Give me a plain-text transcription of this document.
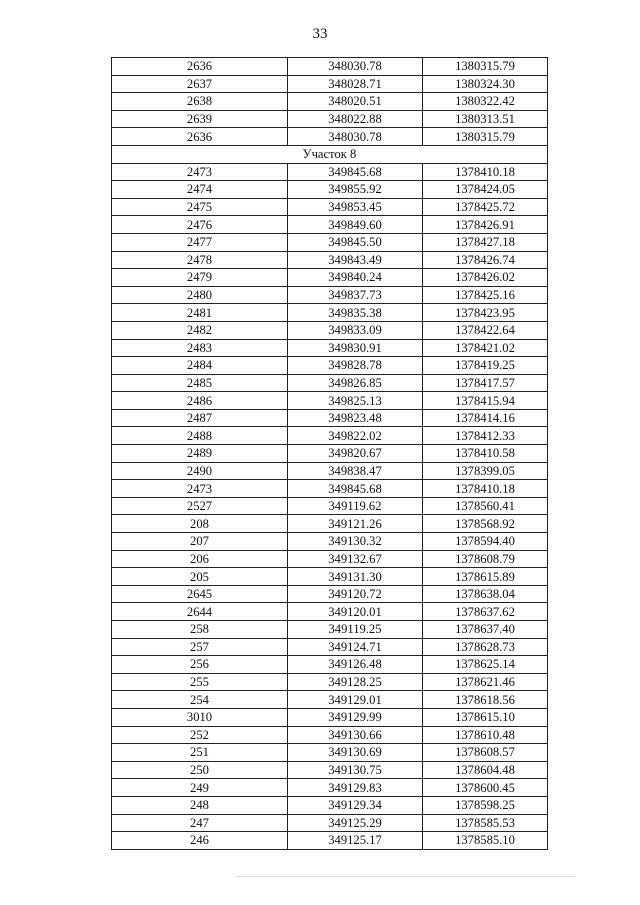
33
2636	348030.78	1380315.79
2637	348028.71	1380324.30
2638	348020.51	1380322.42
2639	348022.88	1380313.51
2636	348030.78	1380315.79
Участок 8		
2473	349845.68	1378410.18
2474	349855.92	1378424.05
2475	349853.45	1378425.72
2476	349849.60	1378426.91
2477	349845.50	1378427.18
2478	349843.49	1378426.74
2479	349840.24	1378426.02
2480	349837.73	1378425.16
2481	349835.38	1378423.95
2482	349833.09	1378422.64
2483	349830.91	1378421.02
2484	349828.78	1378419.25
2485	349826.85	1378417.57
2486	349825.13	1378415.94
2487	349823.48	1378414.16
2488	349822.02	1378412.33
2489	349820.67	1378410.58
2490	349838.47	1378399.05
2473	349845.68	1378410.18
2527	349119.62	1378560.41
208	349121.26	1378568.92
207	349130.32	1378594.40
206	349132.67	1378608.79
205	349131.30	1378615.89
2645	349120.72	1378638.04
2644	349120.01	1378637.62
258	349119.25	1378637.40
257	349124.71	1378628.73
256	349126.48	1378625.14
255	349128.25	1378621.46
254	349129.01	1378618.56
3010	349129.99	1378615.10
252	349130.66	1378610.48
251	349130.69	1378608.57
250	349130.75	1378604.48
249	349129.83	1378600.45
248	349129.34	1378598.25
247	349125.29	1378585.53
246	349125.17	1378585.10
